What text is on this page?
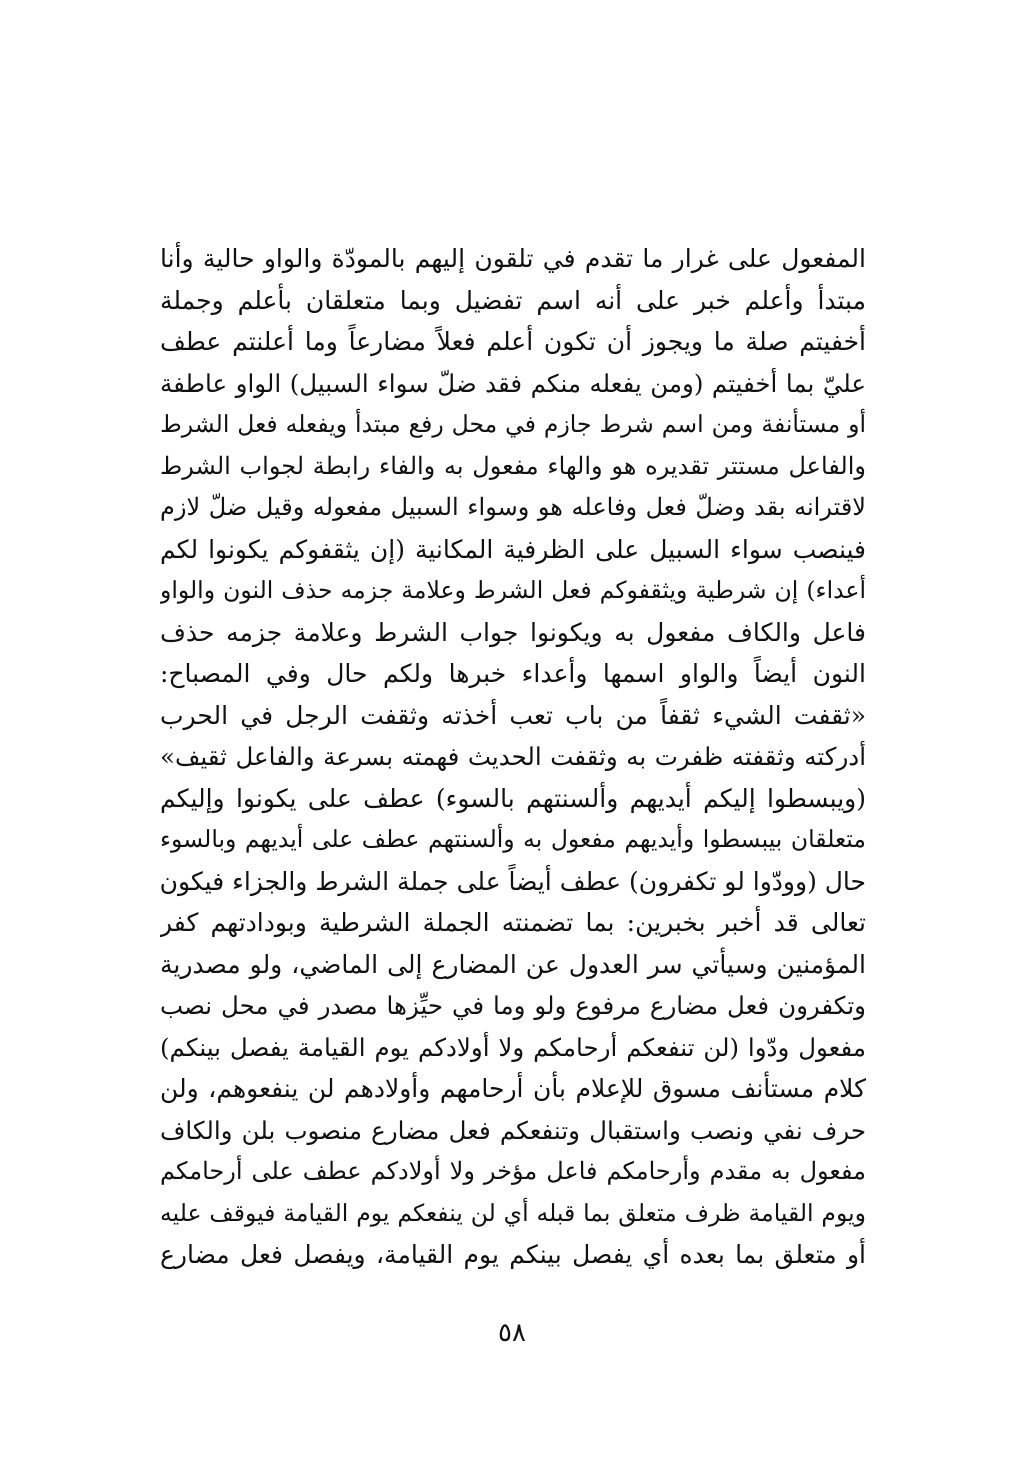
المفعول على غرار ما تقدم في تلقون إليهم بالمودّة والواو حالية وأنا
مبتدأ وأعلم خبر على أنه اسم تفضيل وبما متعلقان بأعلم وجملة
أخفيتم صلة ما ويجوز أن تكون أعلم فعلاً مضارعاً وما أعلنتم عطف
عليّ بما أخفيتم (ومن يفعله منكم فقد ضلّ سواء السبيل) الواو عاطفة
أو مستأنفة ومن اسم شرط جازم في محل رفع مبتدأ ويفعله فعل الشرط
والفاعل مستتر تقديره هو والهاء مفعول به والفاء رابطة لجواب الشرط
لاقترانه بقد وضلّ فعل وفاعله هو وسواء السبيل مفعوله وقيل ضلّ لازم
فينصب سواء السبيل على الظرفية المكانية (إن يثقفوكم يكونوا لكم
أعداء) إن شرطية ويثقفوكم فعل الشرط وعلامة جزمه حذف النون والواو
فاعل والكاف مفعول به ويكونوا جواب الشرط وعلامة جزمه حذف
النون أيضاً والواو اسمها وأعداء خبرها ولكم حال وفي المصباح:
«ثقفت الشيء ثقفاً من باب تعب أخذته وثقفت الرجل في الحرب
أدركته وثقفته ظفرت به وثقفت الحديث فهمته بسرعة والفاعل ثقيف»
(ويبسطوا إليكم أيديهم وألسنتهم بالسوء) عطف على يكونوا وإليكم
متعلقان بيبسطوا وأيديهم مفعول به وألسنتهم عطف على أيديهم وبالسوء
حال (وودّوا لو تكفرون) عطف أيضاً على جملة الشرط والجزاء فيكون
تعالى قد أخبر بخبرين: بما تضمنته الجملة الشرطية وبودادتهم كفر
المؤمنين وسيأتي سر العدول عن المضارع إلى الماضي، ولو مصدرية
وتكفرون فعل مضارع مرفوع ولو وما في حيِّزها مصدر في محل نصب
مفعول ودّوا (لن تنفعكم أرحامكم ولا أولادكم يوم القيامة يفصل بينكم)
كلام مستأنف مسوق للإعلام بأن أرحامهم وأولادهم لن ينفعوهم، ولن
حرف نفي ونصب واستقبال وتنفعكم فعل مضارع منصوب بلن والكاف
مفعول به مقدم وأرحامكم فاعل مؤخر ولا أولادكم عطف على أرحامكم
ويوم القيامة ظرف متعلق بما قبله أي لن ينفعكم يوم القيامة فيوقف عليه
أو متعلق بما بعده أي يفصل بينكم يوم القيامة، ويفصل فعل مضارع
٥٨
